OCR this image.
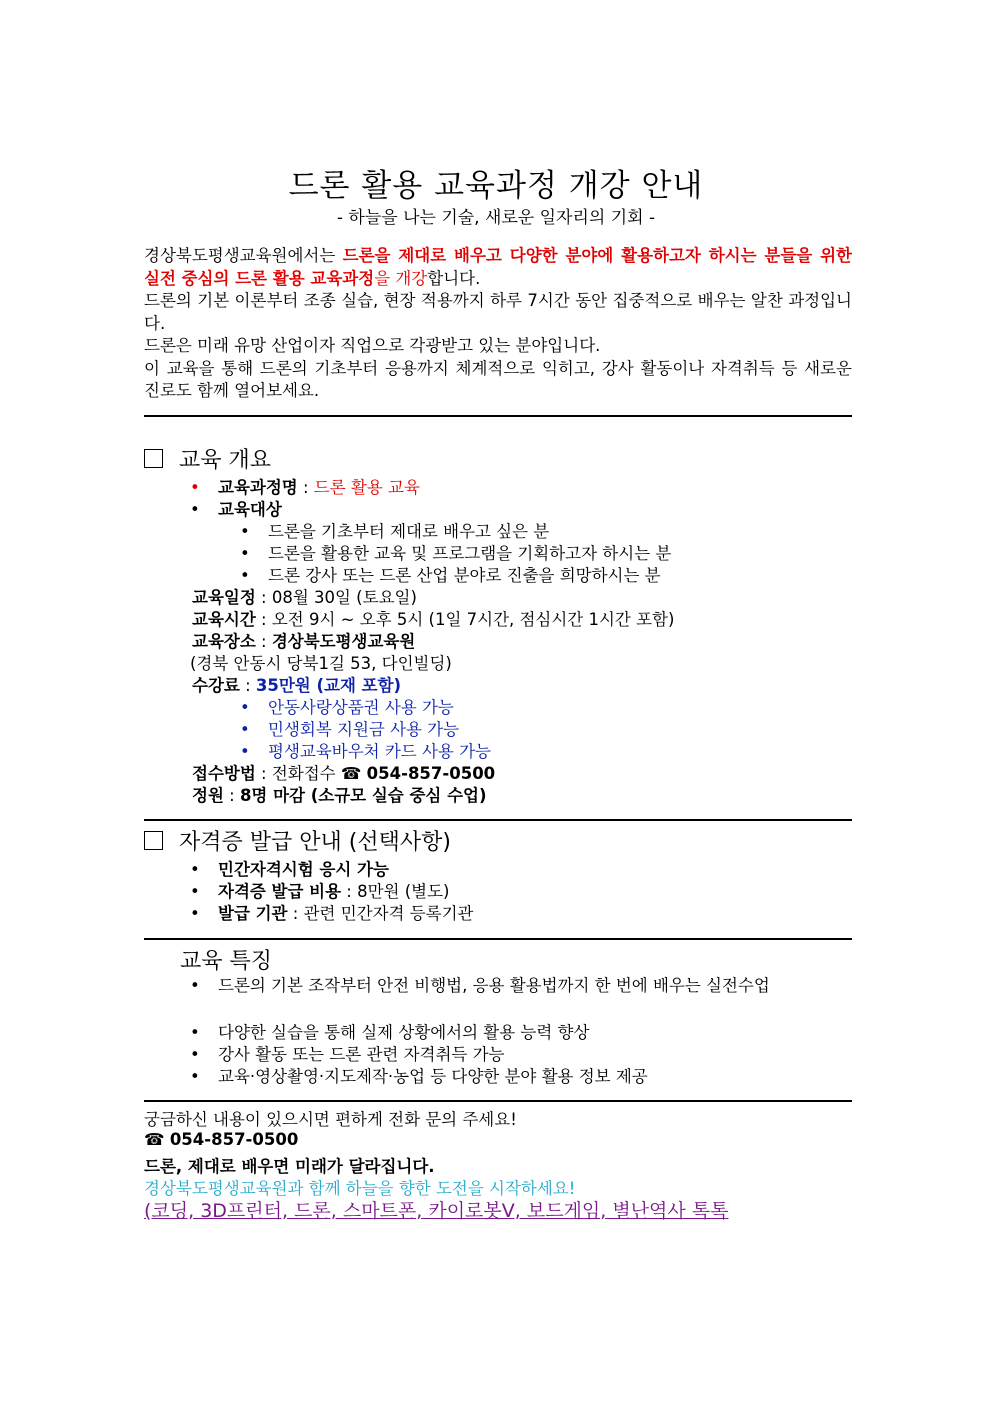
드론 활용 교육과정 개강 안내
- 하늘을 나는 기술, 새로운 일자리의 기회 -
경상북도평생교육원에서는 드론을 제대로 배우고 다양한 분야에 활용하고자 하시는 분들을 위한 실전 중심의 드론 활용 교육과정을 개강합니다.
드론의 기본 이론부터 조종 실습, 현장 적용까지 하루 7시간 동안 집중적으로 배우는 알찬 과정입니다.
드론은 미래 유망 산업이자 직업으로 각광받고 있는 분야입니다.
이 교육을 통해 드론의 기초부터 응용까지 체계적으로 익히고, 강사 활동이나 자격취득 등 새로운 진로도 함께 열어보세요.
교육 개요
• 교육과정명 : 드론 활용 교육
• 교육대상
• 드론을 기초부터 제대로 배우고 싶은 분
• 드론을 활용한 교육 및 프로그램을 기획하고자 하시는 분
• 드론 강사 또는 드론 산업 분야로 진출을 희망하시는 분
교육일정 : 08월 30일 (토요일)
교육시간 : 오전 9시 ~ 오후 5시 (1일 7시간, 점심시간 1시간 포함)
교육장소 : 경상북도평생교육원
(경북 안동시 당북1길 53, 다인빌딩)
수강료 : 35만원 (교재 포함)
• 안동사랑상품권 사용 가능
• 민생회복 지원금 사용 가능
• 평생교육바우처 카드 사용 가능
접수방법 : 전화접수 ☎ 054-857-0500
정원 : 8명 마감 (소규모 실습 중심 수업)
자격증 발급 안내 (선택사항)
• 민간자격시험 응시 가능
• 자격증 발급 비용 : 8만원 (별도)
• 발급 기관 : 관련 민간자격 등록기관
교육 특징
•	드론의 기본 조작부터 안전 비행법, 응용 활용법까지 한 번에 배우는 실전수업
• 다양한 실습을 통해 실제 상황에서의 활용 능력 향상
• 강사 활동 또는 드론 관련 자격취득 가능
• 교육·영상촬영·지도제작·농업 등 다양한 분야 활용 정보 제공
궁금하신 내용이 있으시면 편하게 전화 문의 주세요!
☎ 054-857-0500
드론, 제대로 배우면 미래가 달라집니다.
경상북도평생교육원과 함께 하늘을 향한 도전을 시작하세요!
(코딩, 3D프린터, 드론, 스마트폰, 카이로봇V, 보드게임, 별난역사 톡톡
